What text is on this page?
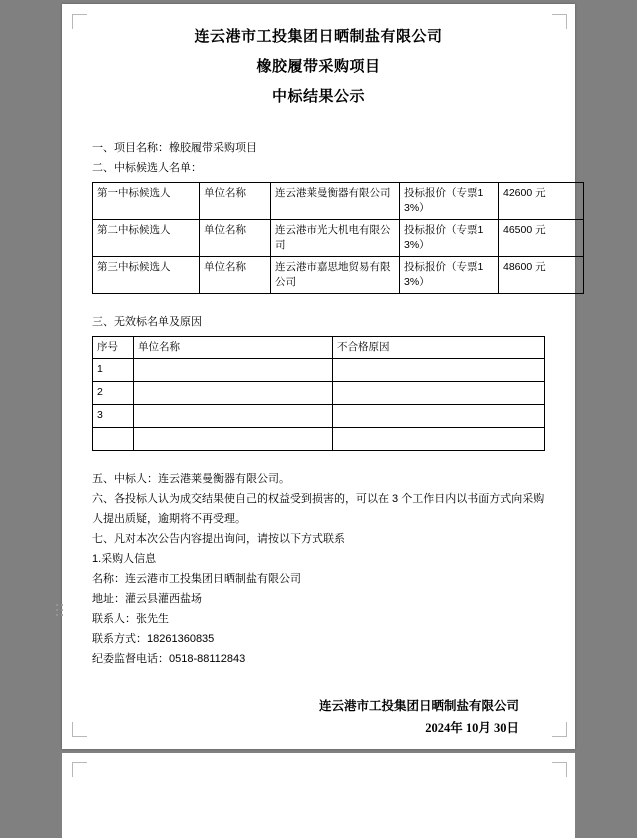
连云港市工投集团日晒制盐有限公司
橡胶履带采购项目
中标结果公示
一、项目名称：橡胶履带采购项目
二、中标候选人名单：
第一中标候选人	单位名称	连云港莱曼衡器有限公司	投标报价（专票13%）	42600 元
第二中标候选人	单位名称	连云港市光大机电有限公司	投标报价（专票13%）	46500 元
第三中标候选人	单位名称	连云港市嘉思地贸易有限公司	投标报价（专票13%）	48600 元
三、无效标名单及原因
序号	单位名称	不合格原因
1		
2		
3		

五、中标人：连云港莱曼衡器有限公司。
六、各投标人认为成交结果使自己的权益受到损害的，可以在 3 个工作日内以书面方式向采购人提出质疑，逾期将不再受理。
七、凡对本次公告内容提出询问，请按以下方式联系
1.采购人信息
名称：连云港市工投集团日晒制盐有限公司
地址：灌云县灌西盐场
联系人：张先生
联系方式：18261360835
纪委监督电话：0518-88112843
连云港市工投集团日晒制盐有限公司
2024年 10月 30日
